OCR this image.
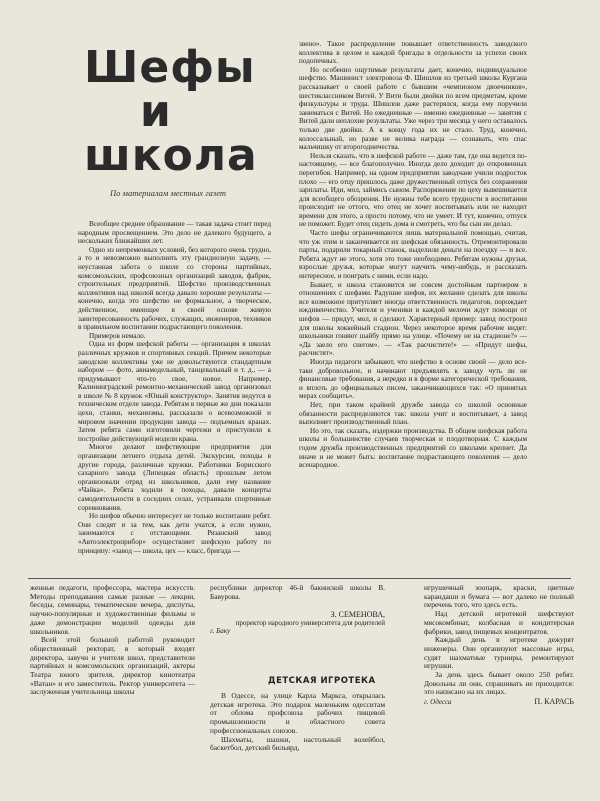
Шефы
и
школа
По материалам местных газет

Всеобщее среднее образование — такая задача стоит перед народным просвещением. Это дело не далекого будущего, а нескольких ближайших лет.

Одно из непременных условий, без которого очень трудно, а то и невозможно выполнить эту грандиозную задачу, — неустанная забота о школе со стороны партийных, комсомольских, профсоюзных организаций заводов, фабрик, строительных предприятий. Шефство производственных коллективов над школой всегда давало хорошие результаты — конечно, когда это шефство не формальное, а творческое, действенное, имеющее в своей основе живую заинтересованность рабочих, служащих, инженеров, техников в правильном воспитании подрастающего поколения.

Примеров немало.

Одна из форм шефской работы — организация в школах различных кружков и спортивных секций. Причем некоторые заводские коллективы уже не довольствуются стандартным набором — фото, авиамодельный, танцевальный и т. д., — а придумывают что-то свое, новое. Например, Калининградский ремонтно-механический завод организовал в школе № 8 кружок «Юный конструктор». Занятия ведутся в техническом отделе завода. Ребятам в первые же дни показали цехи, станки, механизмы, рассказали о всевозможной и мировом значении продукции завода — подъемных кранах. Затем ребята сами изготовили чертежи и приступили к постройке действующей модели крана.

Многое делают шефствующие предприятия для организации летнего отдыха детей. Экскурсии, походы в другие города, различные кружки. Работники Борисского сахарного завода (Липецкая область) прошлым летом организовали отряд из школьников, дали ему название «Чайка». Ребята ходили в походы, давали концерты самодеятельности в соседних селах, устраивали спортивные соревнования.

Но шефов обычно интересует не только воспитание ребят. Они следят и за тем, как дети учатся, а если нужно, занимаются с отстающими. Рязанский завод «Автоэлектроприбор» осуществляет шефскую работу по принципу: «завод — школа, цех — класс, бригада —

звено». Такое распределение повышает ответственность заводского коллектива в целом и каждой бригады в отдельности за успехи своих подопечных.

Но особенно ощутимые результаты дает, конечно, индивидуальное шефство. Машинист электровоза Ф. Шишлов из третьей школы Кургана рассказывает о своей работе с бывшим «чемпионом двоечников», шестиклассником Витей. У Вити были двойки по всем предметам, кроме физкультуры и труда. Шишлов даже растерялся, когда ему поручили заниматься с Витей. Но ежедневные — именно ежедневные — занятия с Витей дали неплохие результаты. Уже через три месяца у него оставалось только две двойки. А к концу года их не стало. Труд, конечно, колоссальный, но разве не велика награда — сознавать, что спас мальчишку от второгодничества.

Нельзя сказать, что в шефской работе — даже там, где она ведется по-настоящему, — все благополучно. Иногда дело доходит до откровенных перегибов. Например, на одном предприятии заводчане учили подросток плохо — его отцу пришлось даже дружественный отпуск без сохранения зарплаты. Иди, мол, займись сыном. Распоряжение по цеху вывешивается для всеобщего обозрения. Не нужны тебе всего трудности в воспитании происходит не оттого, что отец не хочет воспитывать или не находит времени для этого, а просто потому, что не умеет. И тут, конечно, отпуск не поможет. Будет отец сидеть дома и смотреть, что бы сын ни делал.

Часто шефы ограничиваются лишь материальной помощью, считая, что уж этим и заканчивается их шефская обязанность. Отремонтировали парты, подарили токарный станок, выделили деньги на поездку — и все. Ребята ждут не этого, хотя это тоже необходимо. Ребятам нужны друзья, взрослые друзья, которые могут научить чему-нибудь, и рассказать интересное, и поиграть с ними, если надо.

Бывает, и школа становится не совсем достойным партнером в отношениях с шефами. Радушие шефов, их желание сделать для школы все возможное притупляет иногда ответственность педагогов, порождает иждивенчество. Учителя и ученики в каждой мелочи ждут помощи от шефов — придут, мол, и сделают. Характерный пример: завод построил для школы хоккейный стадион. Через некоторое время рабочие видят: школьники гоняют шайбу прямо на улице. «Почему не на стадионе?» — «Да заело его снегом». — «Так расчистите!» — «Придут шефы, расчистят».

Иногда педагоги забывают, что шефство в основе своей — дело все-таки добровольное, и начинают предъявлять к заводу чуть ли не финансовые требования, а нередко и в форме категорической требования, и вплоть до официальных писем, заканчивающихся так: «О принятых мерах сообщить».

Нет, при таком крайней дружбе завода со школой основные обязанности распределяются так: школа учит и воспитывает, а завод выполняет производственный план.

Но это, так сказать, издержки производства. В общем шефская работа школы и большинстве случаев творческая и плодотворная. С каждым годом дружба производственных предприятий со школами крепнет. Да иначе и не может быть: воспитание подрастающего поколения — дело всенародное.

женные педагоги, профессора, мастера искусств. Методы преподавания самые разные — лекции, беседы, семинары, тематические вечера, диспуты, научно-популярные и художественные фильмы и даже демонстрации моделей одежды для школьников.

Всей этой большой работой руководит общественный ректорат, в который входят директора, завучи и учителя школ, представители партийных и комсомольских организаций, актеры Театра юного зрителя, директор кинотеатра «Ватан» и его заместитель. Ректор университета — заслуженная учительница школы

республики директор 46-й бакинской школы В. Бавурова.

З. СЕМЕНОВА,
проректор народного университета для родителей
г. Баку
ДЕТСКАЯ ИГРОТЕКА

В Одессе, на улице Карла Маркса, открылась детская игротека. Это подарок маленьким одесситам от облома профсоюза рабочих пищевой промышленности и областного совета профессиональных союзов.

Шахматы, шашки, настольный волейбол, баскетбол, детский бильярд,

игрушечный зоопарк, краски, цветные карандаши и бумага — вот далеко не полный перечень того, что здесь есть.

Над детской игротекой шефствуют мясокомбинат, колбасная и кондитерская фабрики, завод пищевых концентратов.

Каждый день в игротеке дежурят инженеры. Они организуют массовые игры, судят шахматные турниры, ремонтируют игрушки.

За день здесь бывает около 250 ребят. Довольны ли они, спрашивать не приходится: это написано на их лицах.

г. Одесса	П. КАРАСЬ
